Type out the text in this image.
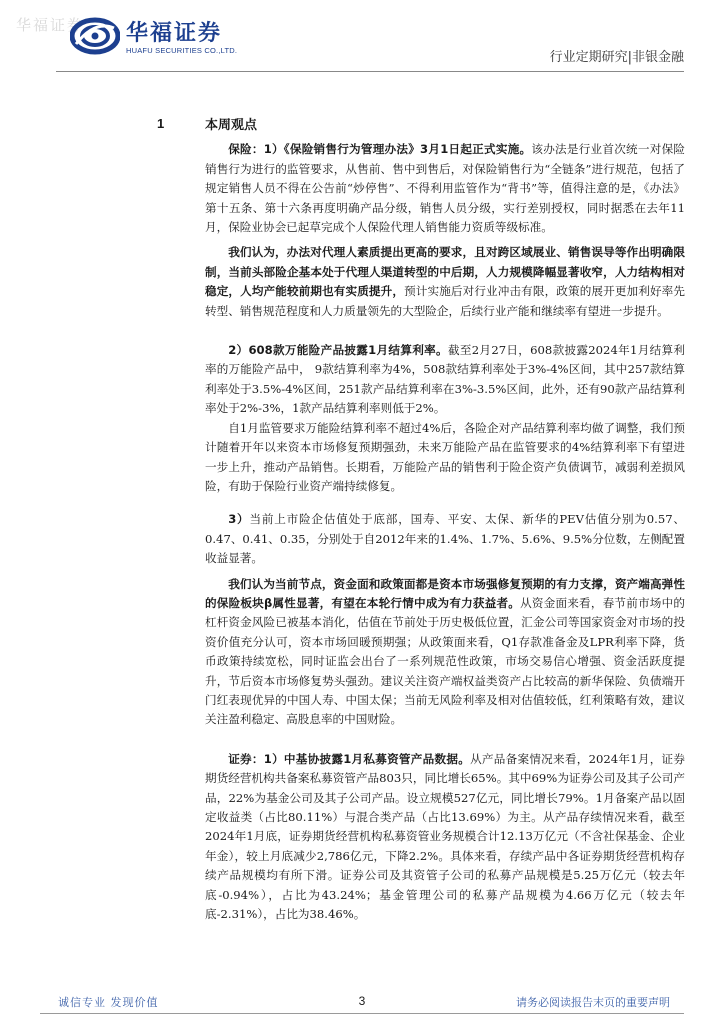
华福证券 华福证券
HUAFU SECURITIES CO.,LTD.	行业定期研究|非银金融
1	本周观点

保险：1）《保险销售行为管理办法》3月1日起正式实施。该办法是行业首次统一对保险销售行为进行的监管要求，从售前、售中到售后，对保险销售行为“全链条”进行规范，包括了规定销售人员不得在公告前“炒停售”、不得利用监管作为“背书”等，值得注意的是，《办法》第十五条、第十六条再度明确产品分级，销售人员分级，实行差别授权，同时据悉在去年11月，保险业协会已起草完成个人保险代理人销售能力资质等级标准。

我们认为，办法对代理人素质提出更高的要求，且对跨区域展业、销售误导等作出明确限制，当前头部险企基本处于代理人渠道转型的中后期，人力规模降幅显著收窄，人力结构相对稳定，人均产能较前期也有实质提升，预计实施后对行业冲击有限，政策的展开更加利好率先转型、销售规范程度和人力质量领先的大型险企，后续行业产能和继续率有望进一步提升。

2）608款万能险产品披露1月结算利率。截至2月27日，608款披露2024年1月结算利率的万能险产品中， 9款结算利率为4%，508款结算利率处于3%-4%区间，其中257款结算利率处于3.5%-4%区间，251款产品结算利率在3%-3.5%区间，此外，还有90款产品结算利率处于2%-3%，1款产品结算利率则低于2%。

自1月监管要求万能险结算利率不超过4%后，各险企对产品结算利率均做了调整，我们预计随着开年以来资本市场修复预期强劲，未来万能险产品在监管要求的4%结算利率下有望进一步上升，推动产品销售。长期看，万能险产品的销售利于险企资产负债调节，减弱利差损风险，有助于保险行业资产端持续修复。

3）当前上市险企估值处于底部，国寿、平安、太保、新华的PEV估值分别为0.57、0.47、0.41、0.35，分别处于自2012年来的1.4%、1.7%、5.6%、9.5%分位数，左侧配置收益显著。

我们认为当前节点，资金面和政策面都是资本市场强修复预期的有力支撑，资产端高弹性的保险板块β属性显著，有望在本轮行情中成为有力获益者。从资金面来看，春节前市场中的杠杆资金风险已被基本消化，估值在节前处于历史极低位置，汇金公司等国家资金对市场的投资价值充分认可，资本市场回暖预期强；从政策面来看，Q1存款准备金及LPR利率下降，货币政策持续宽松，同时证监会出台了一系列规范性政策，市场交易信心增强、资金活跃度提升，节后资本市场修复势头强劲。建议关注资产端权益类资产占比较高的新华保险、负债端开门红表现优异的中国人寿、中国太保；当前无风险利率及相对估值较低，红利策略有效，建议关注盈利稳定、高股息率的中国财险。

证券：1）中基协披露1月私募资管产品数据。从产品备案情况来看，2024年1月，证券期货经营机构共备案私募资管产品803只，同比增长65%。其中69%为证券公司及其子公司产品，22%为基金公司及其子公司产品。设立规模527亿元，同比增长79%。1月备案产品以固定收益类（占比80.11%）与混合类产品（占比13.69%）为主。从产品存续情况来看，截至2024年1月底，证券期货经营机构私募资管业务规模合计12.13万亿元（不含社保基金、企业年金），较上月底减少2,786亿元，下降2.2%。具体来看，存续产品中各证券期货经营机构存续产品规模均有所下滑。证券公司及其资管子公司的私募产品规模是5.25万亿元（较去年底-0.94%），占比为43.24%；基金管理公司的私募产品规模为4.66万亿元（较去年底-2.31%），占比为38.46%。

诚信专业 发现价值	3	请务必阅读报告末页的重要声明
